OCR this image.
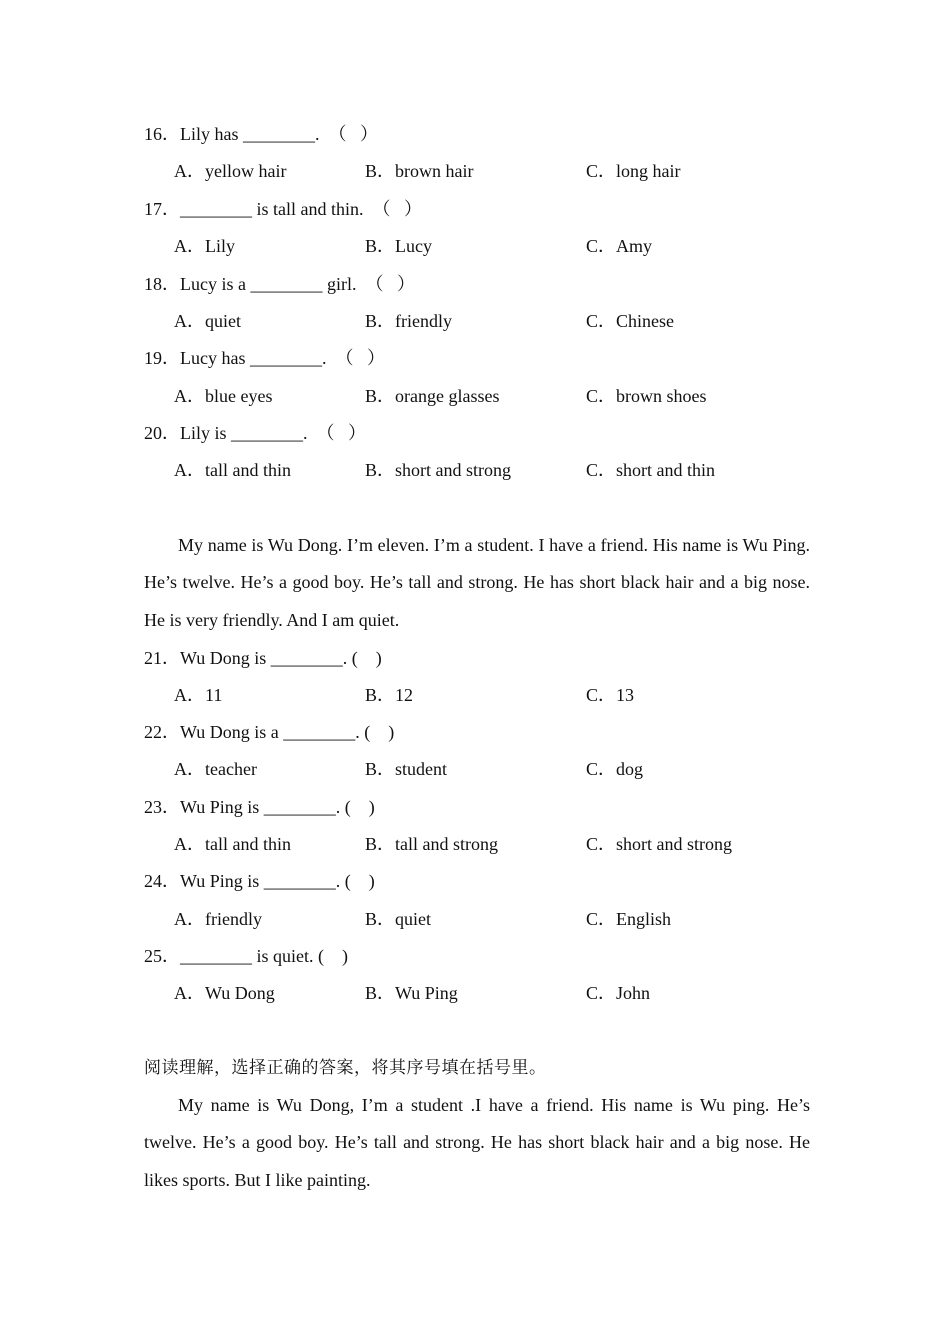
16．Lily has ________.  （   ）
A．yellow hair	B．brown hair	C．long hair
17．________ is tall and thin.  （   ）
A．Lily	B．Lucy	C．Amy
18．Lucy is a ________ girl.  （   ）
A．quiet	B．friendly	C．Chinese
19．Lucy has ________.  （   ）
A．blue eyes	B．orange glasses	C．brown shoes
20．Lily is ________.  （   ）
A．tall and thin	B．short and strong	C．short and thin
My name is Wu Dong. I’m eleven. I’m a student. I have a friend. His name is Wu Ping. He’s twelve. He’s a good boy. He’s tall and strong. He has short black hair and a big nose. He is very friendly. And I am quiet.
21．Wu Dong is ________. (    )
A．11	B．12	C．13
22．Wu Dong is a ________. (    )
A．teacher	B．student	C．dog
23．Wu Ping is ________. (    )
A．tall and thin	B．tall and strong	C．short and strong
24．Wu Ping is ________. (    )
A．friendly	B．quiet	C．English
25．________ is quiet. (    )
A．Wu Dong	B．Wu Ping	C．John
阅读理解，选择正确的答案，将其序号填在括号里。
My name is Wu Dong, I’m a student .I have a friend. His name is Wu ping. He’s twelve. He’s a good boy. He’s tall and strong. He has short black hair and a big nose. He likes sports. But I like painting.
